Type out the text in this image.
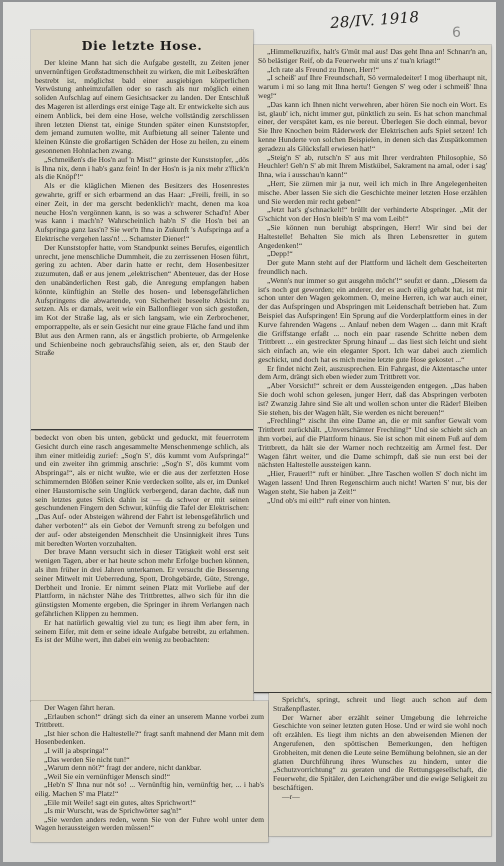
28/IV. 1918
6
Die letzte Hose.

Der kleine Mann hat sich die Aufgabe gestellt, zu Zeiten jener unvernünftigen Großstadtmenschheit zu wirken, die mit Leibeskräften bestrebt ist, möglichst bald einer ausgiebigen körperlichen Verwüstung anheimzufallen oder so rasch als nur möglich einen soliden Aufschlag auf einem Gesichtsacker zu landen. Der Entschluß des Mageren ist allerdings erst einige Tage alt. Er entwickelte sich aus einem Anblick, bei dem eine Hose, welche vollständig zerschlissen ihren letzten Dienst tat, einige Stunden später einen Kunststopfer, dem jemand zumuten wollte, mit Aufbietung all seiner Talente und kleinen Künste die großartigen Schäden der Hose zu heilen, zu einem gesonnenen Hohnlachen zwang.

„Schmeißen's die Hos'n auf 'n Mist!“ grinste der Kunststopfer, „dös is Ihna nix, denn i hab's ganz fein! In der Hos'n is ja nix mehr z'flick'n als die Knöpf'!“

Als er die kläglichen Mienen des Besitzers des Hosenrestes gewahrte, griff er sich erbarmend an das Haar: „Freili, freili, in so einer Zeit, in der ma gerscht bedenklich'r macht, denen ma koa neuche Hos'n vergönnen kann, is so was a schwerer Schad'n! Aber was kann i mach'n? Wahrscheinlich hab'n S' die Hos'n bei an Aufspringa ganz lass'n? Sie wer'n Ihna in Zukunft 's Aufspringa auf a Elektrische vergehen lass'n! ... Schamster Diener!“

Der Kunststopfer hatte, vom Standpunkt seines Berufes, eigentlich unrecht, jene menschliche Dummheit, die zu zerrissenen Hosen führt, gering zu achten. Aber darin hatte er recht, dem Hosenbesitzer zuzumuten, daß er aus jenem „elektrischen“ Abenteuer, das der Hose den unabänderlichen Rest gab, die Anregung empfangen haben könnte, künftighin an Stelle des hosen- und lebensgefährlichen Aufspringens die abwartende, von Sicherheit beseelte Absicht zu setzen. Als er damals, weit wie ein Ballonflieger von sich gestoßen, im Kot der Straße lag, als er sich langsam, wie ein Zerbrochener, emporrappelte, als er sein Gesicht nur eine graue Fläche fand und ihm Blut aus den Armen rann, als er ängstlich probierte, ob Armgelenke und Schienbeine noch gebrauchsfähig seien, als er, den Staub der Straße

bedeckt von oben bis unten, gebückt und geduckt, mit feuerrotem Gesicht durch eine rasch angesammelte Menschenmenge schlich, als ihm einer mitleidig zurief: „Sog'n S', dös kummt vom Aufspringa!“ und ein zweiter ihn grimmig anschrie: „Sog'n S', dös kummt vom Abspringa!“, als er nicht wußte, wie er die aus der zerfetzten Hose schimmernden Blößen seiner Knie verdecken sollte, als er, im Dunkel einer Haustornische sein Unglück verbergend, daran dachte, daß nun sein letztes gutes Stück dahin ist — da schwor er mit seinen geschundenen Fingern den Schwur, künftig die Tafel der Elektrischen: „Das Auf- oder Absteigen während der Fahrt ist lebensgefährlich und daher verboten!“ als ein Gebot der Vernunft streng zu befolgen und der auf- oder absteigenden Menschheit die Unsinnigkeit ihres Tuns mit beredten Worten vorzuhalten.

Der brave Mann versucht sich in dieser Tätigkeit wohl erst seit wenigen Tagen, aber er hat heute schon mehr Erfolge buchen können, als ihm früher in drei Jahren unterkamen. Er versucht die Besserung seiner Mitwelt mit Ueberredung, Spott, Drohgebärde, Güte, Strenge, Derbheit und Ironie. Er nimmt seinen Platz mit Vorliebe auf der Plattform, in nächster Nähe des Trittbrettes, allwo sich für ihn die günstigsten Momente ergeben, die Springer in ihrem Verlangen nach gefährlichen Klippen zu hemmen.

Er hat natürlich gewaltig viel zu tun; es liegt ihm aber fern, in seinem Eifer, mit dem er seine ideale Aufgabe betreibt, zu erlahmen. Es ist der Mühe wert, ihn dabei ein wenig zu beobachten:

Der Wagen fährt heran.

„Erlauben schon!“ drängt sich da einer an unserem Manne vorbei zum Trittbrett.

„Ist hier schon die Haltestelle?“ fragt sanft mahnend der Mann mit dem Hosenbedenken.

„I will ja abspringa!“

„Das werden Sie nicht tun!“

„Warum denn nöt?“ fragt der andere, nicht dankbar.

„Weil Sie ein vernünftiger Mensch sind!“

„Heb'n S' Ihna nur nöt so! ... Vernünftig hin, vernünftig her, ... i hab's eilig. Machen S' ma Platz!“

„Eile mit Weile! sagt ein gutes, altes Sprichwort!“

„Is mir Wurscht, was de Sprichwörter sag'n!“

„Sie werden anders reden, wenn Sie von der Fuhre wohl unter dem Wagen heraussteigen werden müssen!“

„Himmelkruzifix, halt's G'müt mal aus! Das geht Ihna an! Schnarr'n an, Sö belästiger Reif, ob da Feuerwehr mit uns z' tua'n kriagt!“

„Ich rate als Freund zu Ihnen, Herr!“

„I scheiß' auf Ihre Freundschaft, Sö vermaledeiter! I mog überhaupt nit, warum i mi so lang mit Ihna hertu'! Gengen S' weg oder i schmeiß' Ihna weg!“

„Das kann ich Ihnen nicht verwehren, aber hören Sie noch ein Wort. Es ist, glaub' ich, nicht immer gut, pünktlich zu sein. Es hat schon manchmal einer, der verspätet kam, es nie bereut. Überlegen Sie doch einmal, bevor Sie Ihre Knochen beim Räderwerk der Elektrischen aufs Spiel setzen! Ich kenne Hunderte von solchen Beispielen, in denen sich das Zuspätkommen geradezu als Glücksfall erwiesen hat!“

„Steig'n S' ab, rutsch'n S' aus mit Ihrer verdrahten Philosophie, Sö Heuchler! Geh'n S' ab mit Ihrem Mistkübel, Sakrament na amal, oder i sag' Ihna, wia i ausschau'n kann!“

„Herr, Sie zürnen mir ja nur, weil ich mich in Ihre Angelegenheiten mische. Aber lassen Sie sich die Geschichte meiner letzten Hose erzählen und Sie werden mir recht geben!“

„Jetzt hat's g'schnackelt!“ brüllt der verhinderte Abspringer. „Mit der G'schicht von der Hos'n bleib'n S' ma vom Leib!“

„Sie können nun beruhigt abspringen, Herr! Wir sind bei der Haltestelle! Behalten Sie mich als Ihren Lebensretter in gutem Angedenken!“

„Depp!“

Der gute Mann steht auf der Plattform und lächelt dem Gescheiterten freundlich nach.

„Wenn's nur immer so gut ausgehn möcht'!“ seufzt er dann. „Diesem da ist's noch gut geworden; ein anderer, der es auch eilig gehabt hat, ist mir schon unter den Wagen gekommen. O, meine Herren, ich war auch einer, der das Aufspringen und Abspringen mit Leidenschaft betrieben hat. Zum Beispiel das Aufspringen! Ein Sprung auf die Vorderplattform eines in der Kurve fahrenden Wagens ... Anlauf neben dem Wagen ... dann mit Kraft die Griffstange erfaßt ... noch ein paar rasende Schritte neben dem Trittbrett ... ein gestreckter Sprung hinauf ... das liest sich leicht und sieht sich einfach an, wie ein eleganter Sport. Ich war dabei auch ziemlich geschickt, und doch hat es mich meine letzte gute Hose gekostet ...“

Er findet nicht Zeit, auszusprechen. Ein Fahrgast, die Aktentasche unter dem Arm, drängt sich eben wieder zum Trittbrett vor.

„Aber Vorsicht!“ schreit er dem Aussteigenden entgegen. „Das haben Sie doch wohl schon gelesen, junger Herr, daß das Abspringen verboten ist? Zwanzig Jahre sind Sie alt und wollen schon unter die Räder! Bleiben Sie stehen, bis der Wagen hält, Sie werden es nicht bereuen!“

„Frechling!“ zischt ihn eine Dame an, die er mit sanfter Gewalt vom Trittbrett zurückhält. „Unverschämter Frechling!“ Und sie schiebt sich an ihm vorbei, auf die Plattform hinaus. Sie ist schon mit einem Fuß auf dem Trittbrett, da hält sie der Warner noch rechtzeitig am Ärmel fest. Der Wagen fährt weiter, und die Dame schimpft, daß sie nun erst bei der nächsten Haltestelle aussteigen kann.

„Hier, Frauerl!“ ruft er hinüber. „Ihre Taschen wollen S' doch nicht im Wagen lassen! Und Ihren Regenschirm auch nicht! Warten S' nur, bis der Wagen steht, Sie haben ja Zeit!“

„Und ob's mi eilt!“ ruft einer von hinten.

Spricht's, springt, schreit und liegt auch schon auf dem Straßenpflaster.

Der Warner aber erzählt seiner Umgebung die lehrreiche Geschichte von seiner letzten guten Hose. Und er wird sie wohl noch oft erzählen. Es liegt ihm nichts an den abweisenden Mienen der Angerufenen, den spöttischen Bemerkungen, den heftigen Grobheiten, mit denen die Leute seine Bemühung belohnen, sie an der glatten Durchführung ihres Wunsches zu hindern, unter die „Schutzvorrichtung“ zu geraten und die Rettungsgesellschaft, die Feuerwehr, die Spitäler, den Leichengräber und die ewige Seligkeit zu beschäftigen.

—r—
